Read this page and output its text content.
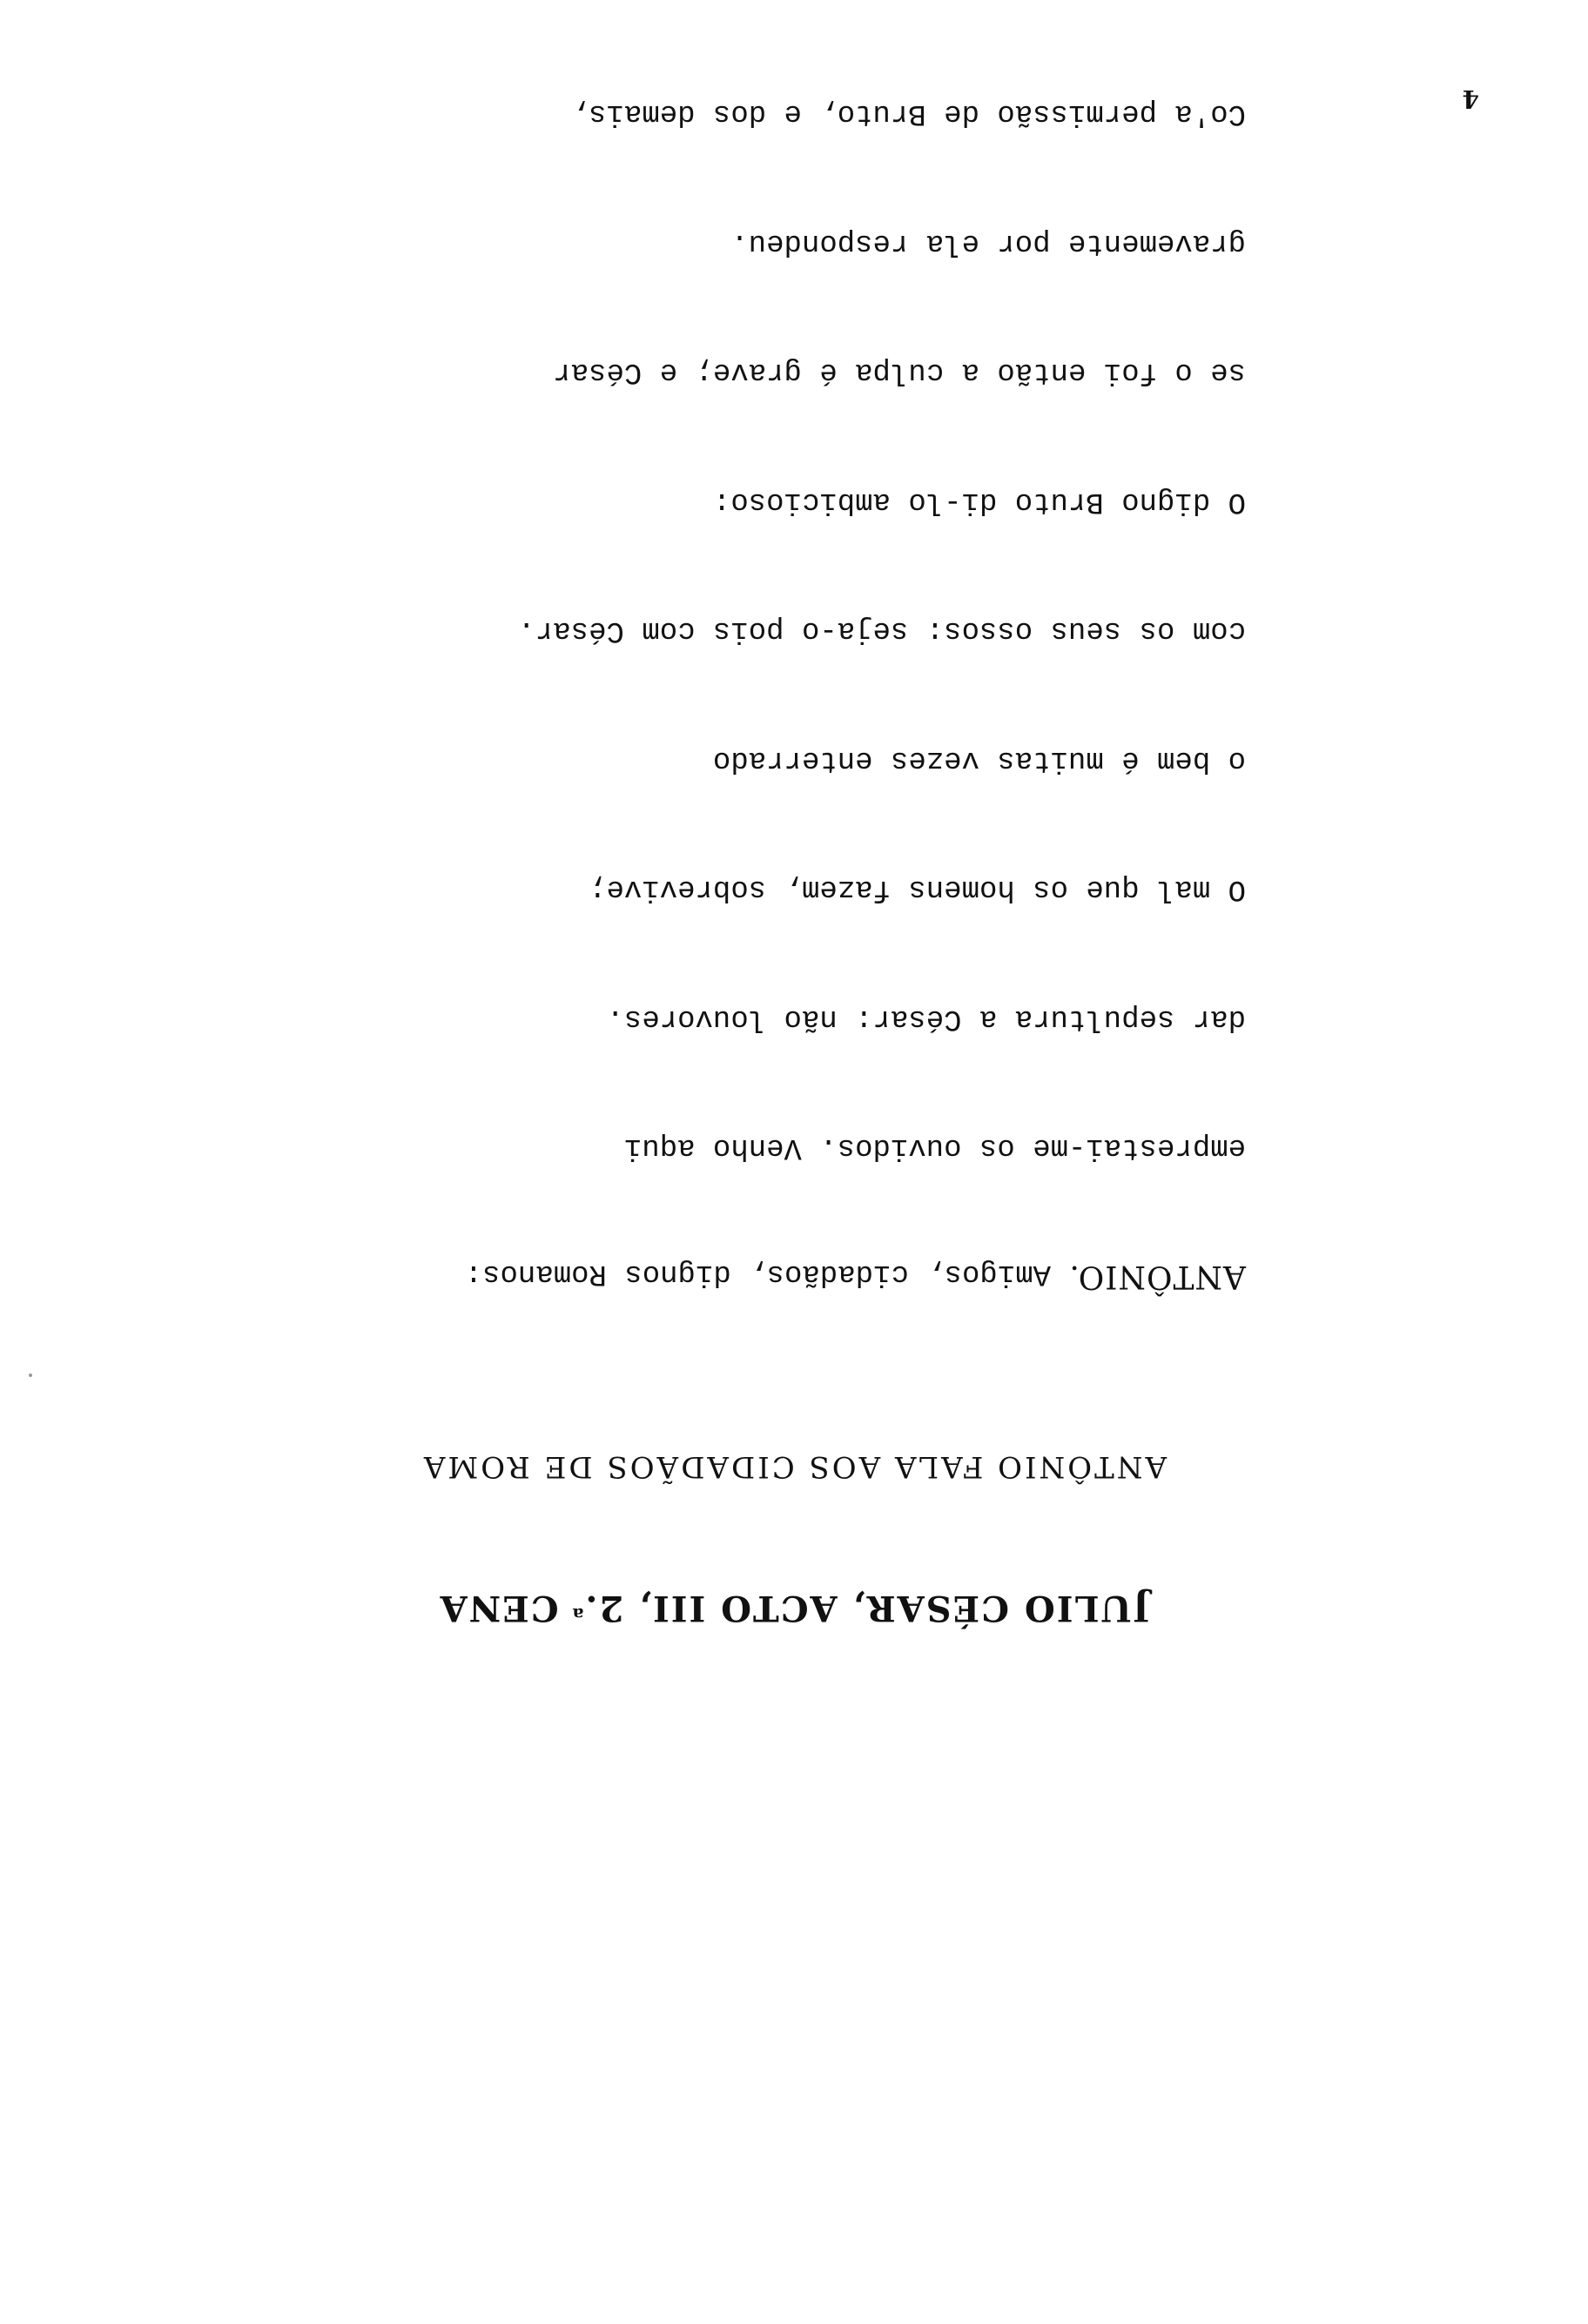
4
JULIO CÉSAR, ACTO III, 2.$^a$ CENA
ANTÔNIO FALA AOS CIDADÃOS DE ROMA

ANTÔNIO. Amigos, cidadãos, dignos Romanos:

emprestai-me os ouvidos. Venho aqui

dar sepultura a César: não louvores.

O mal que os homens fazem, sobrevive;

o bem é muitas vezes enterrado

com os seus ossos: seja-o pois com César.

O digno Bruto di-lo ambicioso:

se o foi então a culpa é grave; e César

gravemente por ela respondeu.

Co'a permissão de Bruto, e dos demais,
